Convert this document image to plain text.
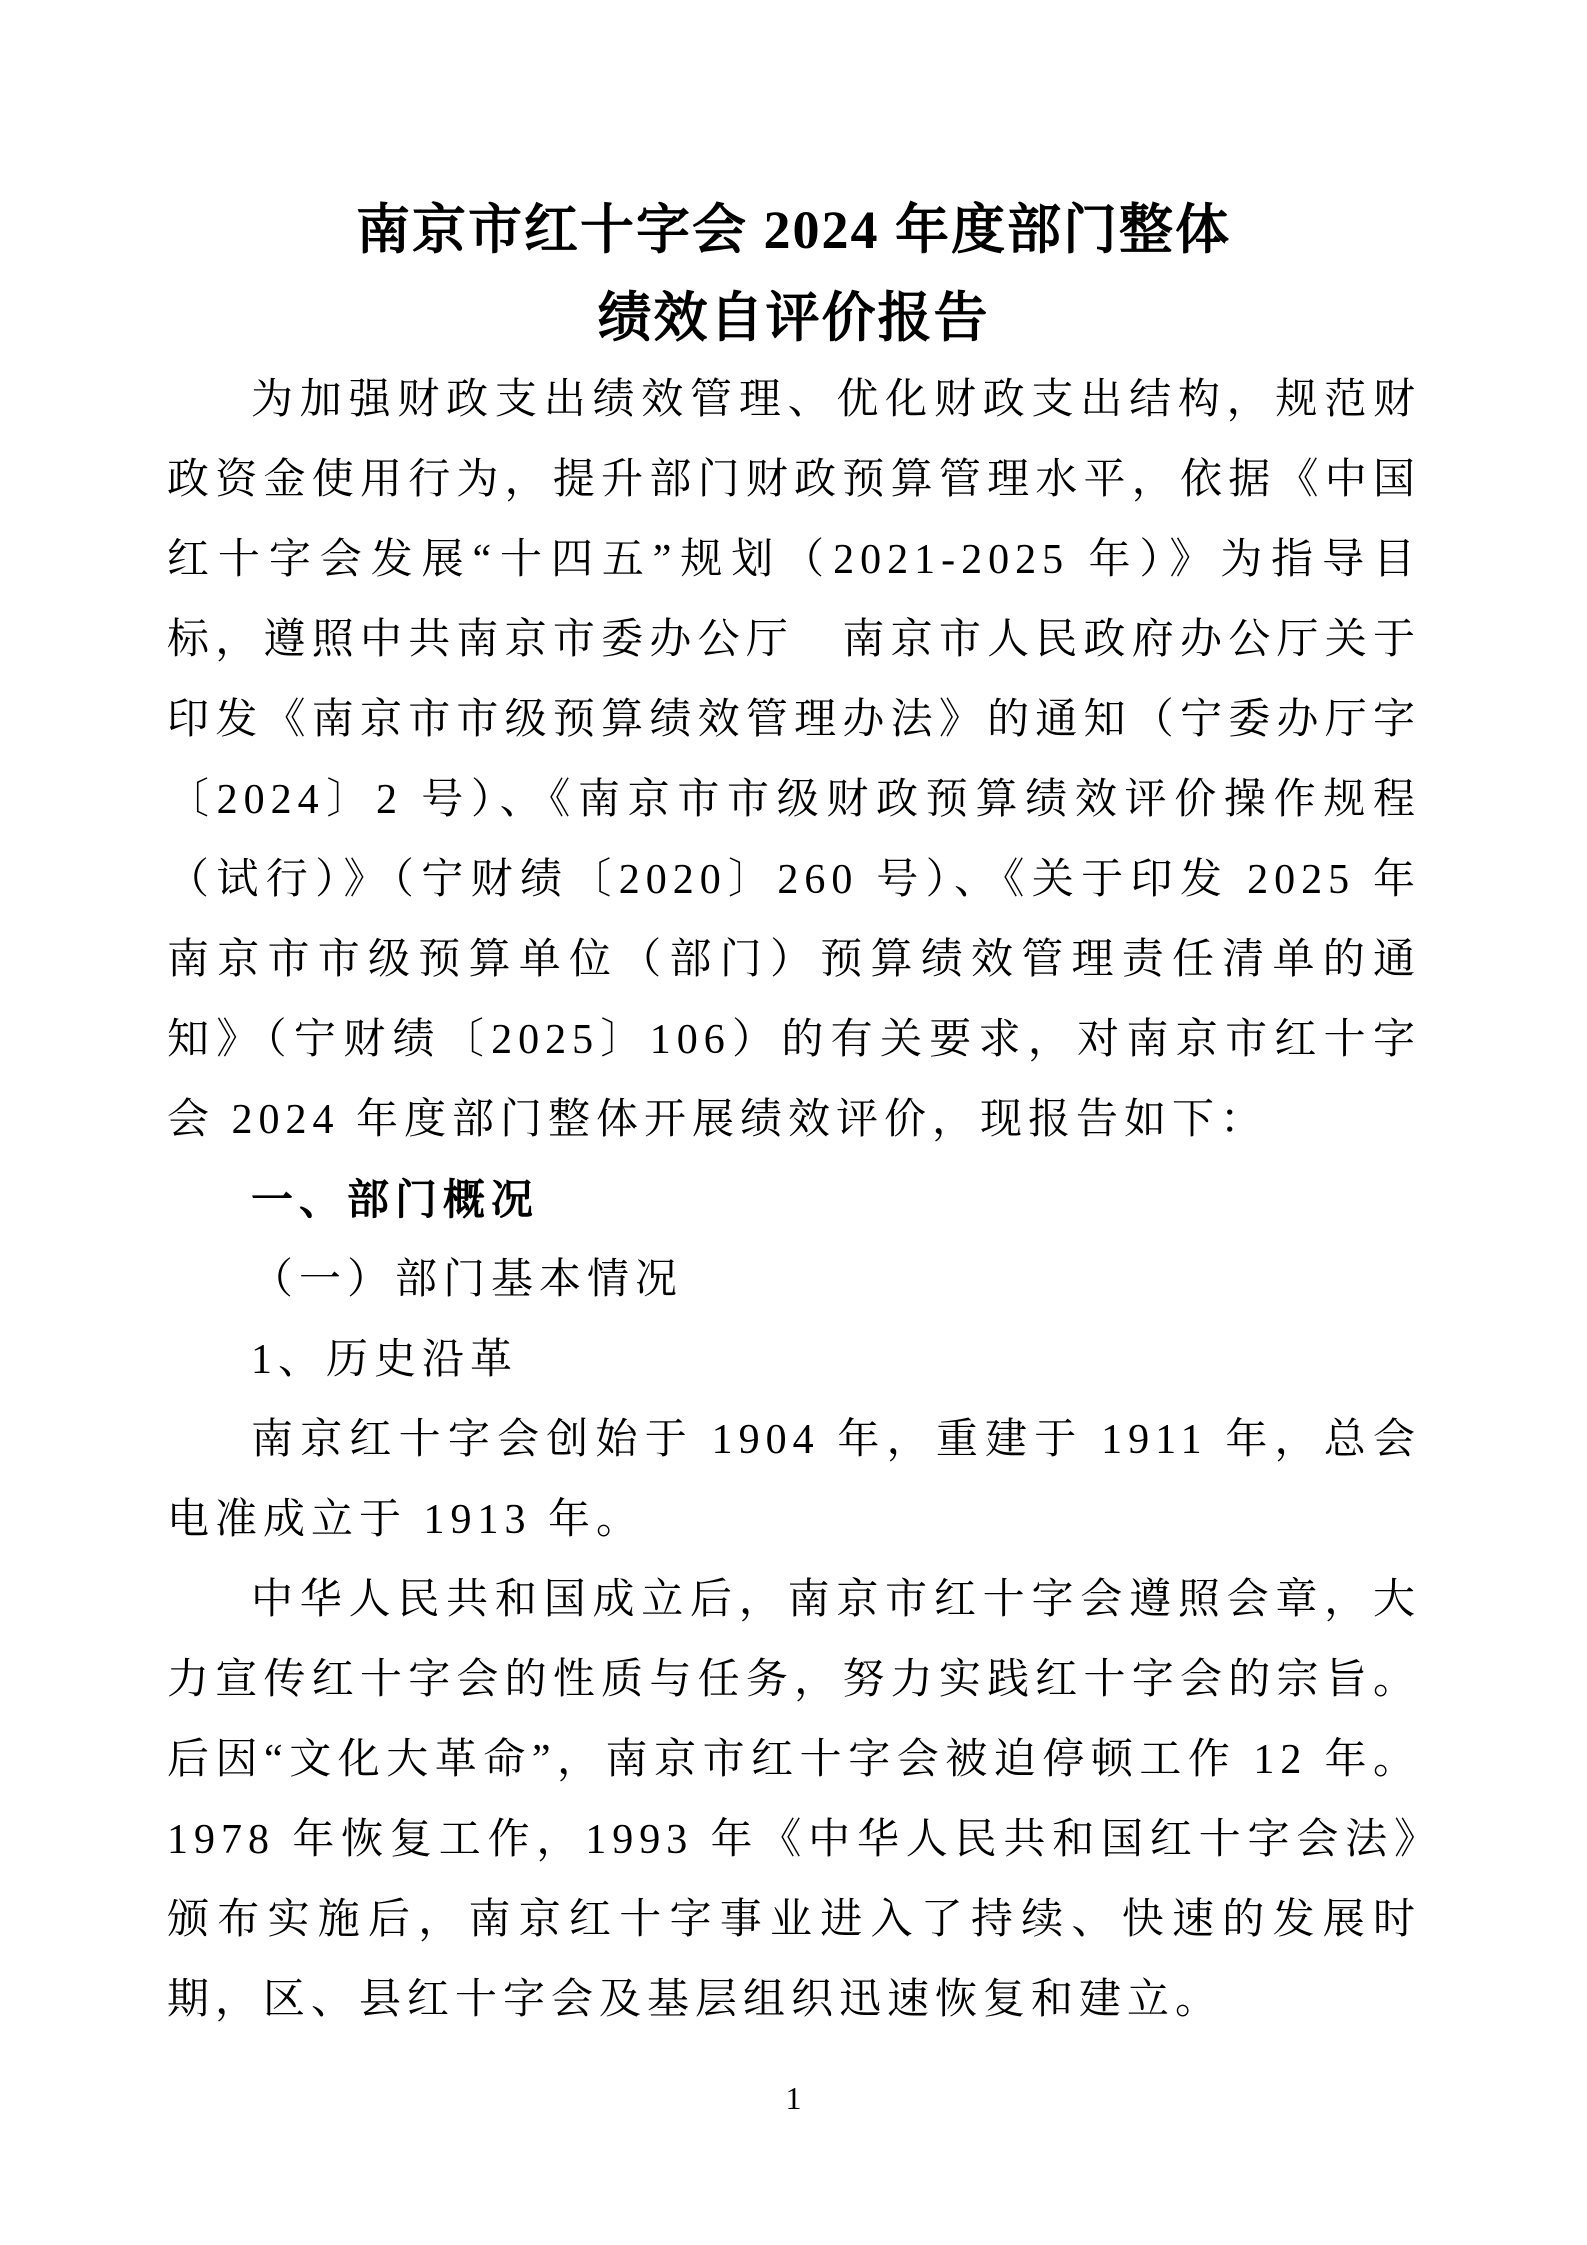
南京市红十字会 2024 年度部门整体
绩效自评价报告

为加强财政支出绩效管理、优化财政支出结构，规范财政资金使用行为，提升部门财政预算管理水平，依据《中国红十字会发展“十四五”规划（2021-2025 年）》为指导目标，遵照中共南京市委办公厅　南京市人民政府办公厅关于印发《南京市市级预算绩效管理办法》的通知（宁委办厅字〔2024〕2 号）、《南京市市级财政预算绩效评价操作规程（试行）》（宁财绩〔2020〕260 号）、《关于印发 2025 年南京市市级预算单位（部门）预算绩效管理责任清单的通知》（宁财绩〔2025〕106）的有关要求，对南京市红十字会 2024 年度部门整体开展绩效评价，现报告如下：

一、部门概况

（一）部门基本情况

1、历史沿革

南京红十字会创始于 1904 年，重建于 1911 年，总会电准成立于 1913 年。

中华人民共和国成立后，南京市红十字会遵照会章，大力宣传红十字会的性质与任务，努力实践红十字会的宗旨。后因“文化大革命”，南京市红十字会被迫停顿工作 12 年。1978 年恢复工作，1993 年《中华人民共和国红十字会法》颁布实施后，南京红十字事业进入了持续、快速的发展时期，区、县红十字会及基层组织迅速恢复和建立。

1
